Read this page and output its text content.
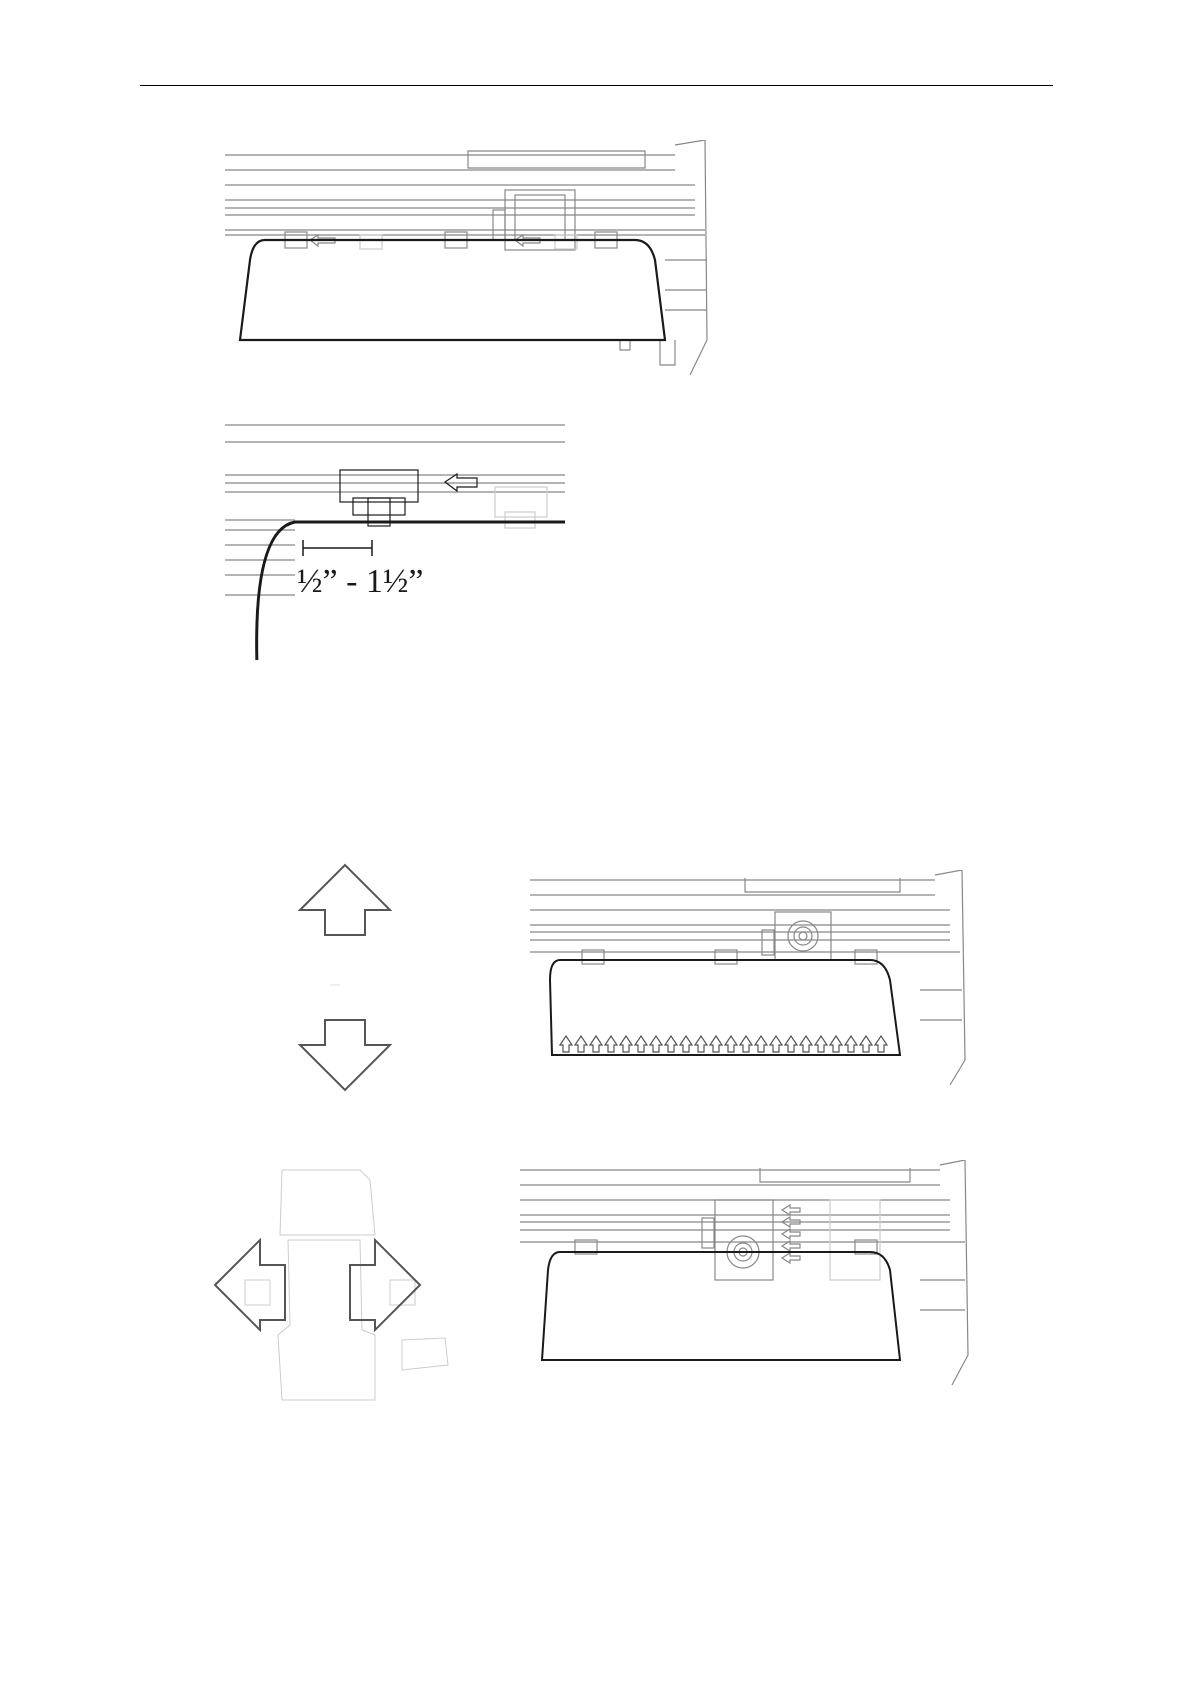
½” - 1½”
